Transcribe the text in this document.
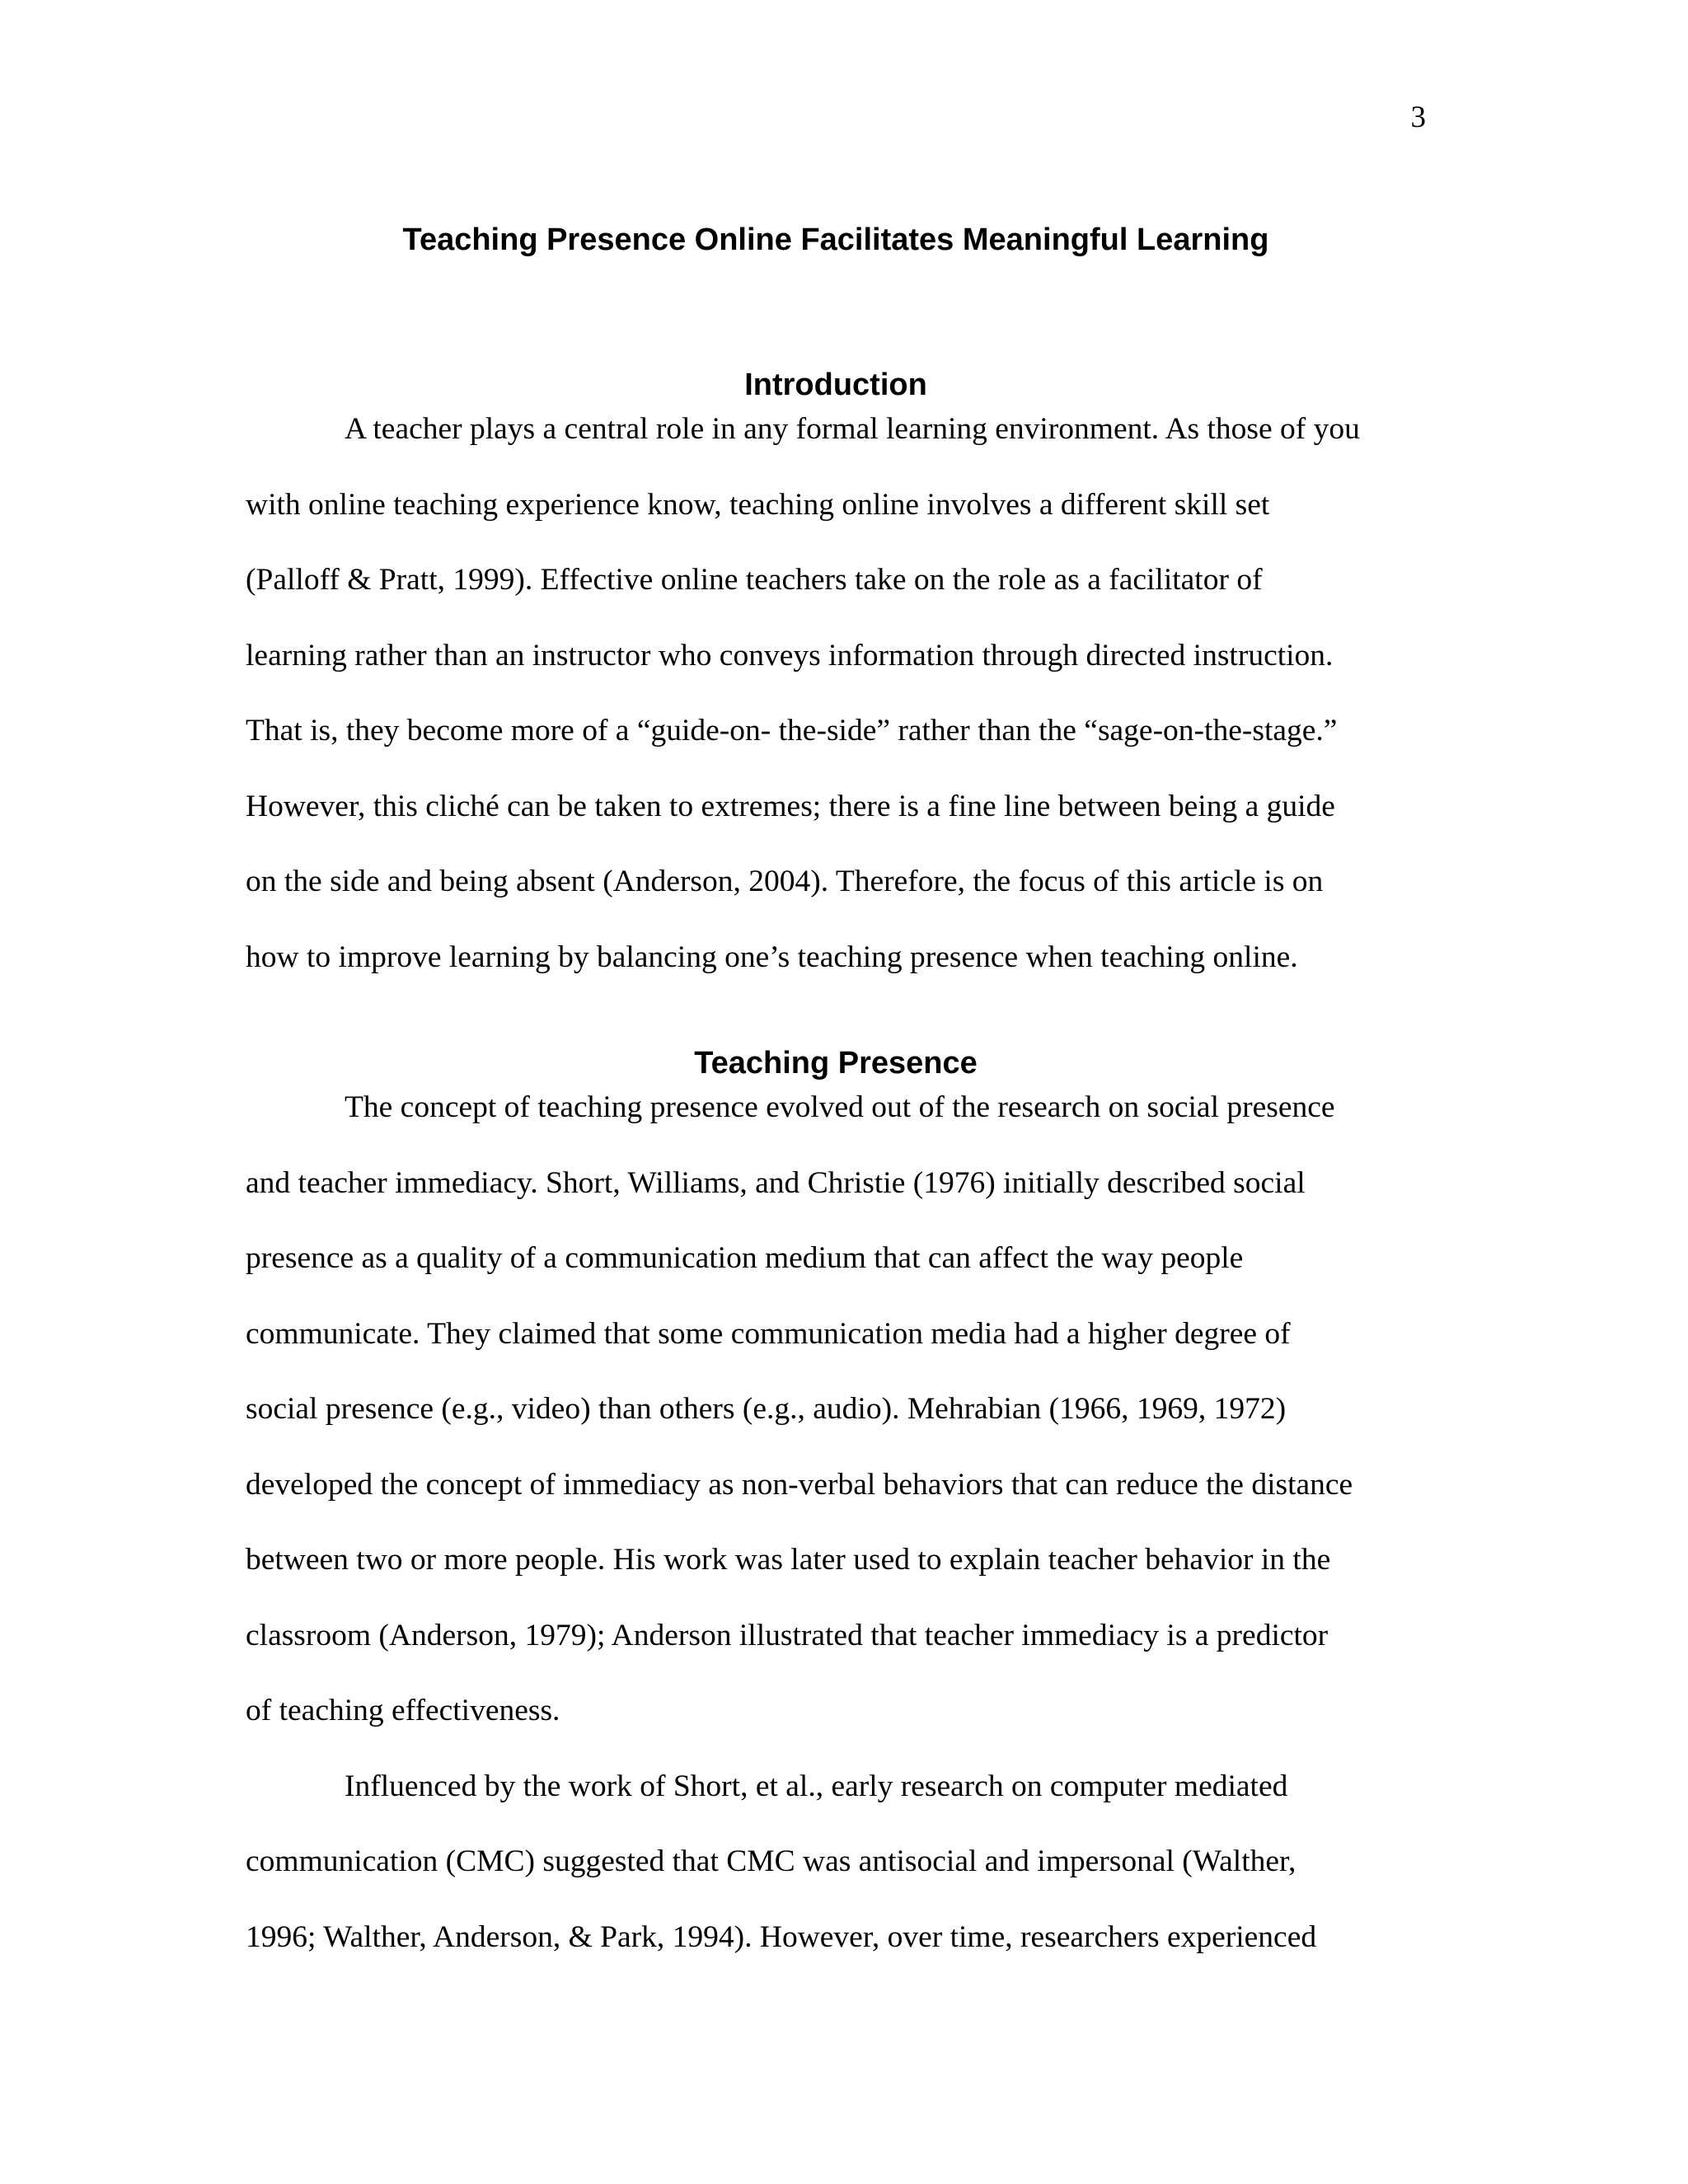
3
Teaching Presence Online Facilitates Meaningful Learning
Introduction
A teacher plays a central role in any formal learning environment. As those of you
with online teaching experience know, teaching online involves a different skill set
(Palloff & Pratt, 1999). Effective online teachers take on the role as a facilitator of
learning rather than an instructor who conveys information through directed instruction.
That is, they become more of a “guide-on- the-side” rather than the “sage-on-the-stage.”
However, this cliché can be taken to extremes; there is a fine line between being a guide
on the side and being absent (Anderson, 2004). Therefore, the focus of this article is on
how to improve learning by balancing one’s teaching presence when teaching online.
Teaching Presence
The concept of teaching presence evolved out of the research on social presence
and teacher immediacy. Short, Williams, and Christie (1976) initially described social
presence as a quality of a communication medium that can affect the way people
communicate. They claimed that some communication media had a higher degree of
social presence (e.g., video) than others (e.g., audio). Mehrabian (1966, 1969, 1972)
developed the concept of immediacy as non-verbal behaviors that can reduce the distance
between two or more people. His work was later used to explain teacher behavior in the
classroom (Anderson, 1979); Anderson illustrated that teacher immediacy is a predictor
of teaching effectiveness.
Influenced by the work of Short, et al., early research on computer mediated
communication (CMC) suggested that CMC was antisocial and impersonal (Walther,
1996; Walther, Anderson, & Park, 1994). However, over time, researchers experienced
